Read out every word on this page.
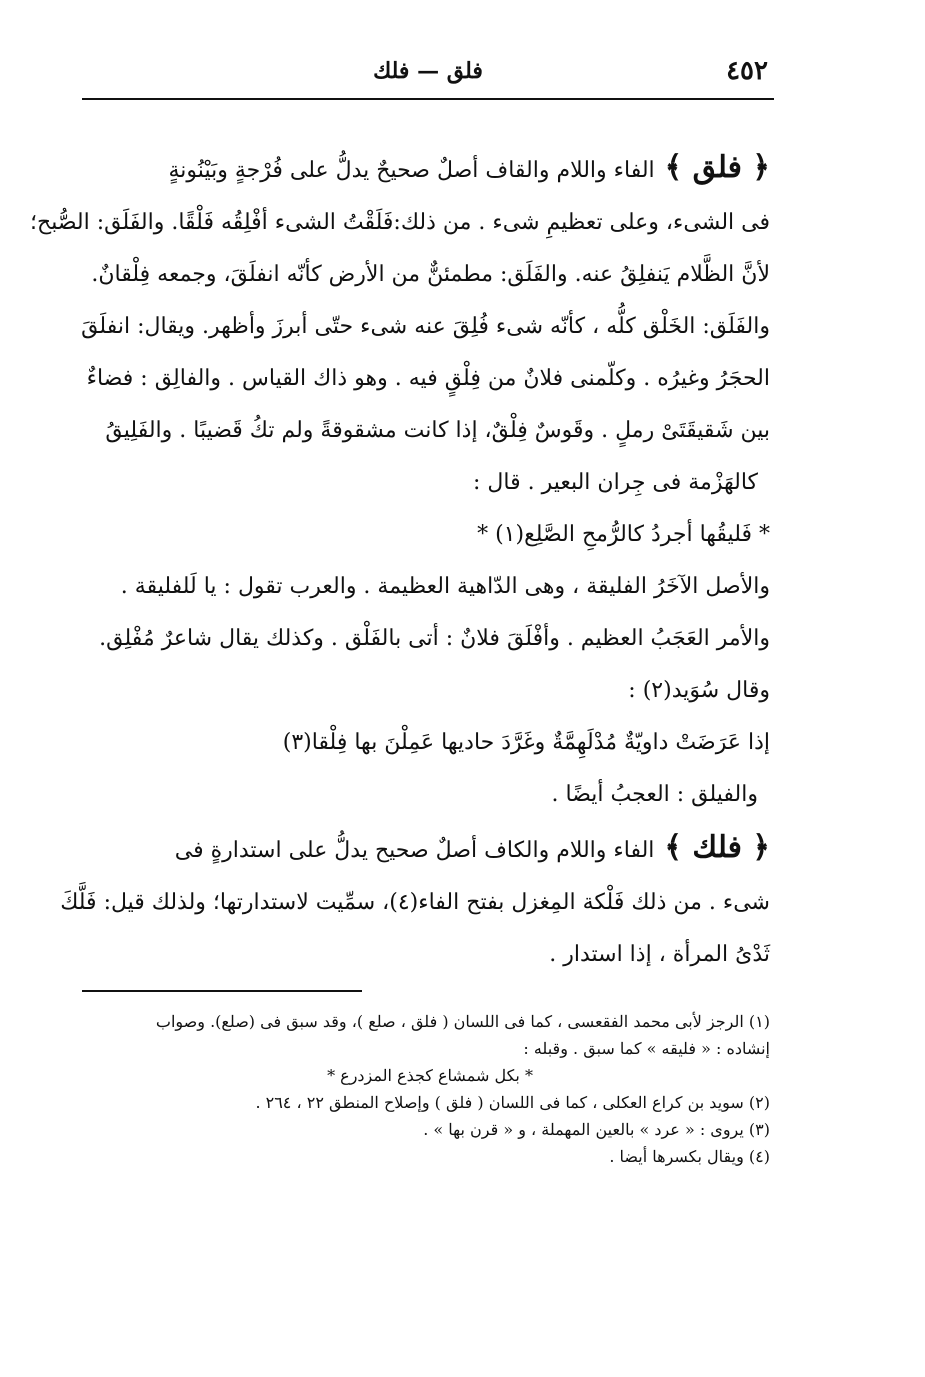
٤٥٢
فلق — فلك
﴿ فلق ﴾الفاء واللام والقاف أصلٌ صحيحٌ يدلُّ على فُرْجةٍ وبَيْنُونةٍ
فى الشىء، وعلى تعظيمِ شىء . من ذلك:فَلَقْتُ الشىء أفْلِقُه فَلْقًا. والفَلَق: الصُّبح؛
لأنَّ الظَّلام يَنفلِقُ عنه. والفَلَق: مطمئنٌّ من الأرض كأنّه انفلَقَ، وجمعه فِلْقانٌ.
والفَلَق: الخَلْق كلُّه ، كأنّه شىء فُلِقَ عنه شىء حتّى أبرزَ وأظهر. ويقال: انفلَقَ
الحجَرُ وغيرُه . وكلّمنى فلانٌ من فِلْقٍ فيه . وهو ذاك القياس . والفالِق : فضاءٌ
بين شَقيقَتَىْ رملٍ . وقَوسٌ فِلْقٌ، إذا كانت مشقوقةً ولم تكُ قَضيبًا . والفَلِيقُ
كالهَزْمة فى جِران البعير . قال :
* فَليقُها أجردُ كالرُّمحِ الصَّلِع(١) *
والأصل الآخَرُ الفليقة ، وهى الدّاهية العظيمة . والعرب تقول : يا لَلفليقة .
والأمر العَجَبُ العظيم . وأفْلَقَ فلانٌ : أتى بالفَلْق . وكذلك يقال شاعرٌ مُفْلِق.
وقال سُوَيد(٢) :
إذا عَرَضَتْ داويّةٌ مُدْلَهِمَّةٌ وغَرَّدَ حاديها عَمِلْنَ بها فِلْقا(٣)
والفيلق : العجبُ أيضًا .
﴿ فلك ﴾الفاء واللام والكاف أصلٌ صحيح يدلُّ على استدارةٍ فى
شىء . من ذلك فَلْكة المِغزل بفتح الفاء(٤)، سمِّيت لاستدارتها؛ ولذلك قيل: فَلَّكَ
ثَدْىُ المرأة ، إذا استدار .
(١) الرجز لأبى محمد الفقعسى ، كما فى اللسان ( فلق ، صلع )، وقد سبق فى (صلع). وصواب
إنشاده : « فليقه » كما سبق . وقبله :
* بكل شمشاع كجذع المزدرع *
(٢) سويد بن كراع العكلى ، كما فى اللسان ( فلق ) وإصلاح المنطق ٢٢ ، ٢٦٤ .
(٣) يروى : « عرد » بالعين المهملة ، و « قرن بها » .
(٤) ويقال بكسرها أيضا .
